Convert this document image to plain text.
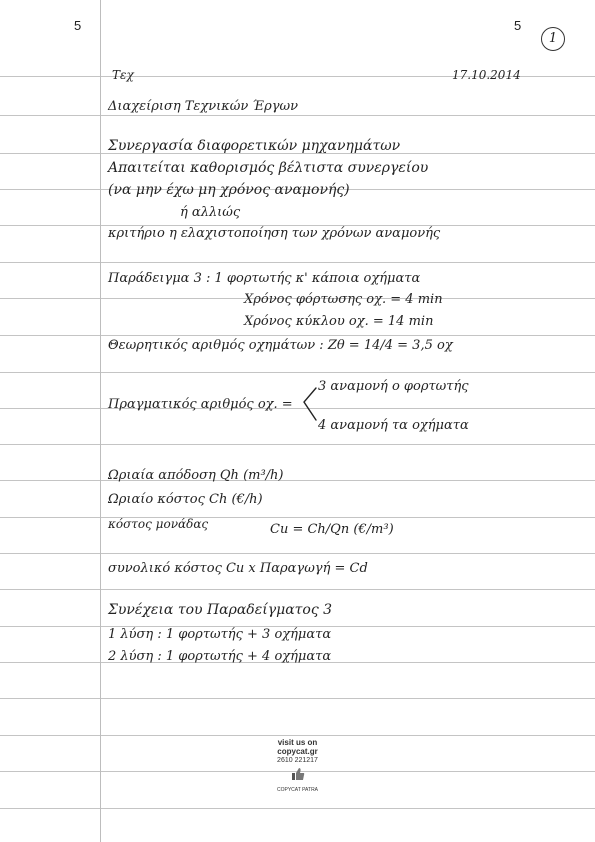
5	5
1
Τεχ	17.10.2014
Διαχείριση Τεχνικών Έργων
Συνεργασία διαφορετικών μηχανημάτων
Απαιτείται καθορισμός βέλτιστα συνεργείου
(να μην έχω μη χρόνος αναμονής)
ή αλλιώς
κριτήριο η ελαχιστοποίηση των χρόνων αναμονής
Παράδειγμα 3 : 1 φορτωτής κ' κάποια οχήματα
Χρόνος φόρτωσης οχ. = 4 min
Χρόνος κύκλου οχ. = 14 min
Θεωρητικός αριθμός οχημάτων : Zθ = 14/4 = 3,5 οχ
3 αναμονή ο φορτωτής
Πραγματικός αριθμός οχ. =
4 αναμονή τα οχήματα
Ωριαία απόδοση Qh (m³/h)
Ωριαίο κόστος Ch (€/h)
κόστος μονάδας	Cu = Ch/Qn (€/m³)
συνολικό κόστος Cu x Παραγωγή = Cd
Συνέχεια του Παραδείγματος 3
1 λύση : 1 φορτωτής + 3 οχήματα
2 λύση : 1 φορτωτής + 4 οχήματα
visit us on
copycat.gr
2610 221217
COPYCAT PATRA
